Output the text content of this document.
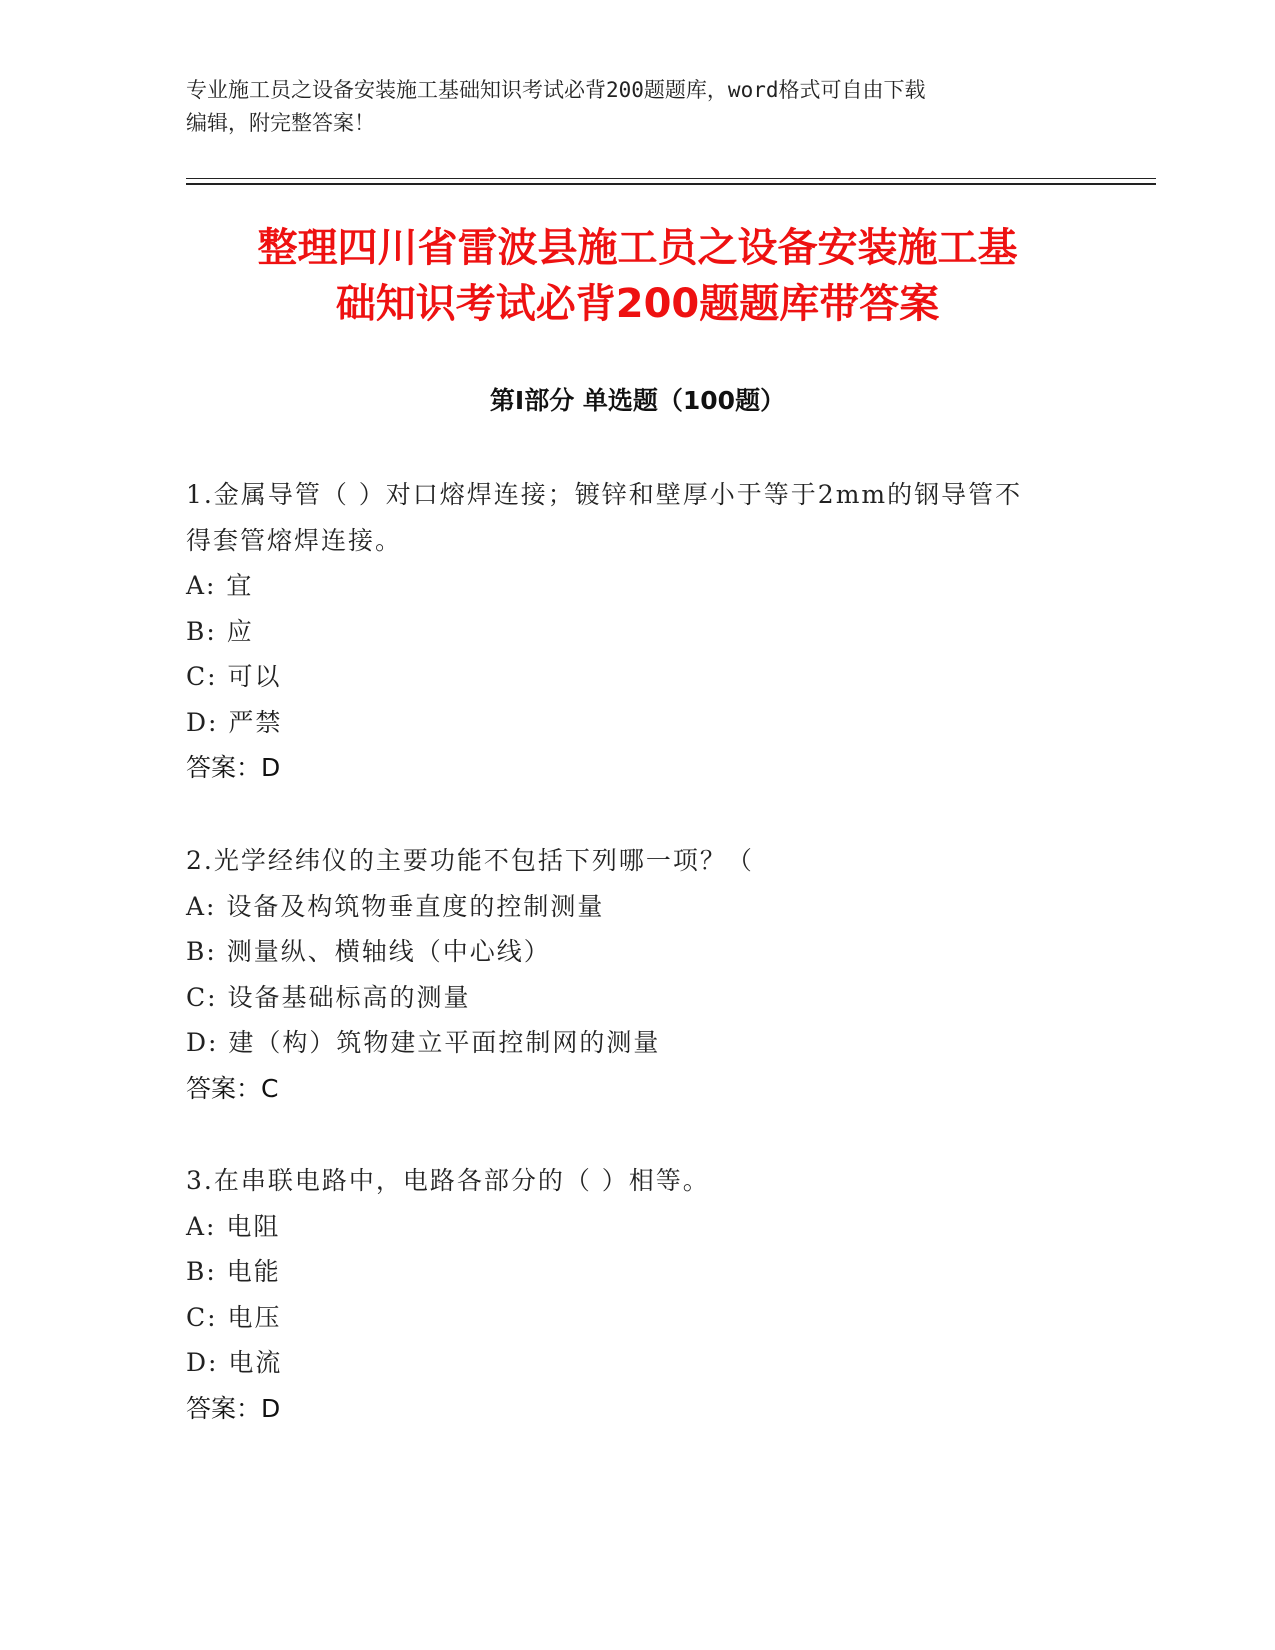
专业施工员之设备安装施工基础知识考试必背200题题库，word格式可自由下载
编辑，附完整答案！
整理四川省雷波县施工员之设备安装施工基
础知识考试必背200题题库带答案
第Ⅰ部分 单选题（100题）

1.金属导管（ ）对口熔焊连接；镀锌和壁厚小于等于2mm的钢导管不

得套管熔焊连接。

A: 宜

B: 应

C: 可以

D: 严禁

答案：D

2.光学经纬仪的主要功能不包括下列哪一项？（

A: 设备及构筑物垂直度的控制测量

B: 测量纵、横轴线（中心线）

C: 设备基础标高的测量

D: 建（构）筑物建立平面控制网的测量

答案：C

3.在串联电路中，电路各部分的（ ）相等。

A: 电阻

B: 电能

C: 电压

D: 电流

答案：D
